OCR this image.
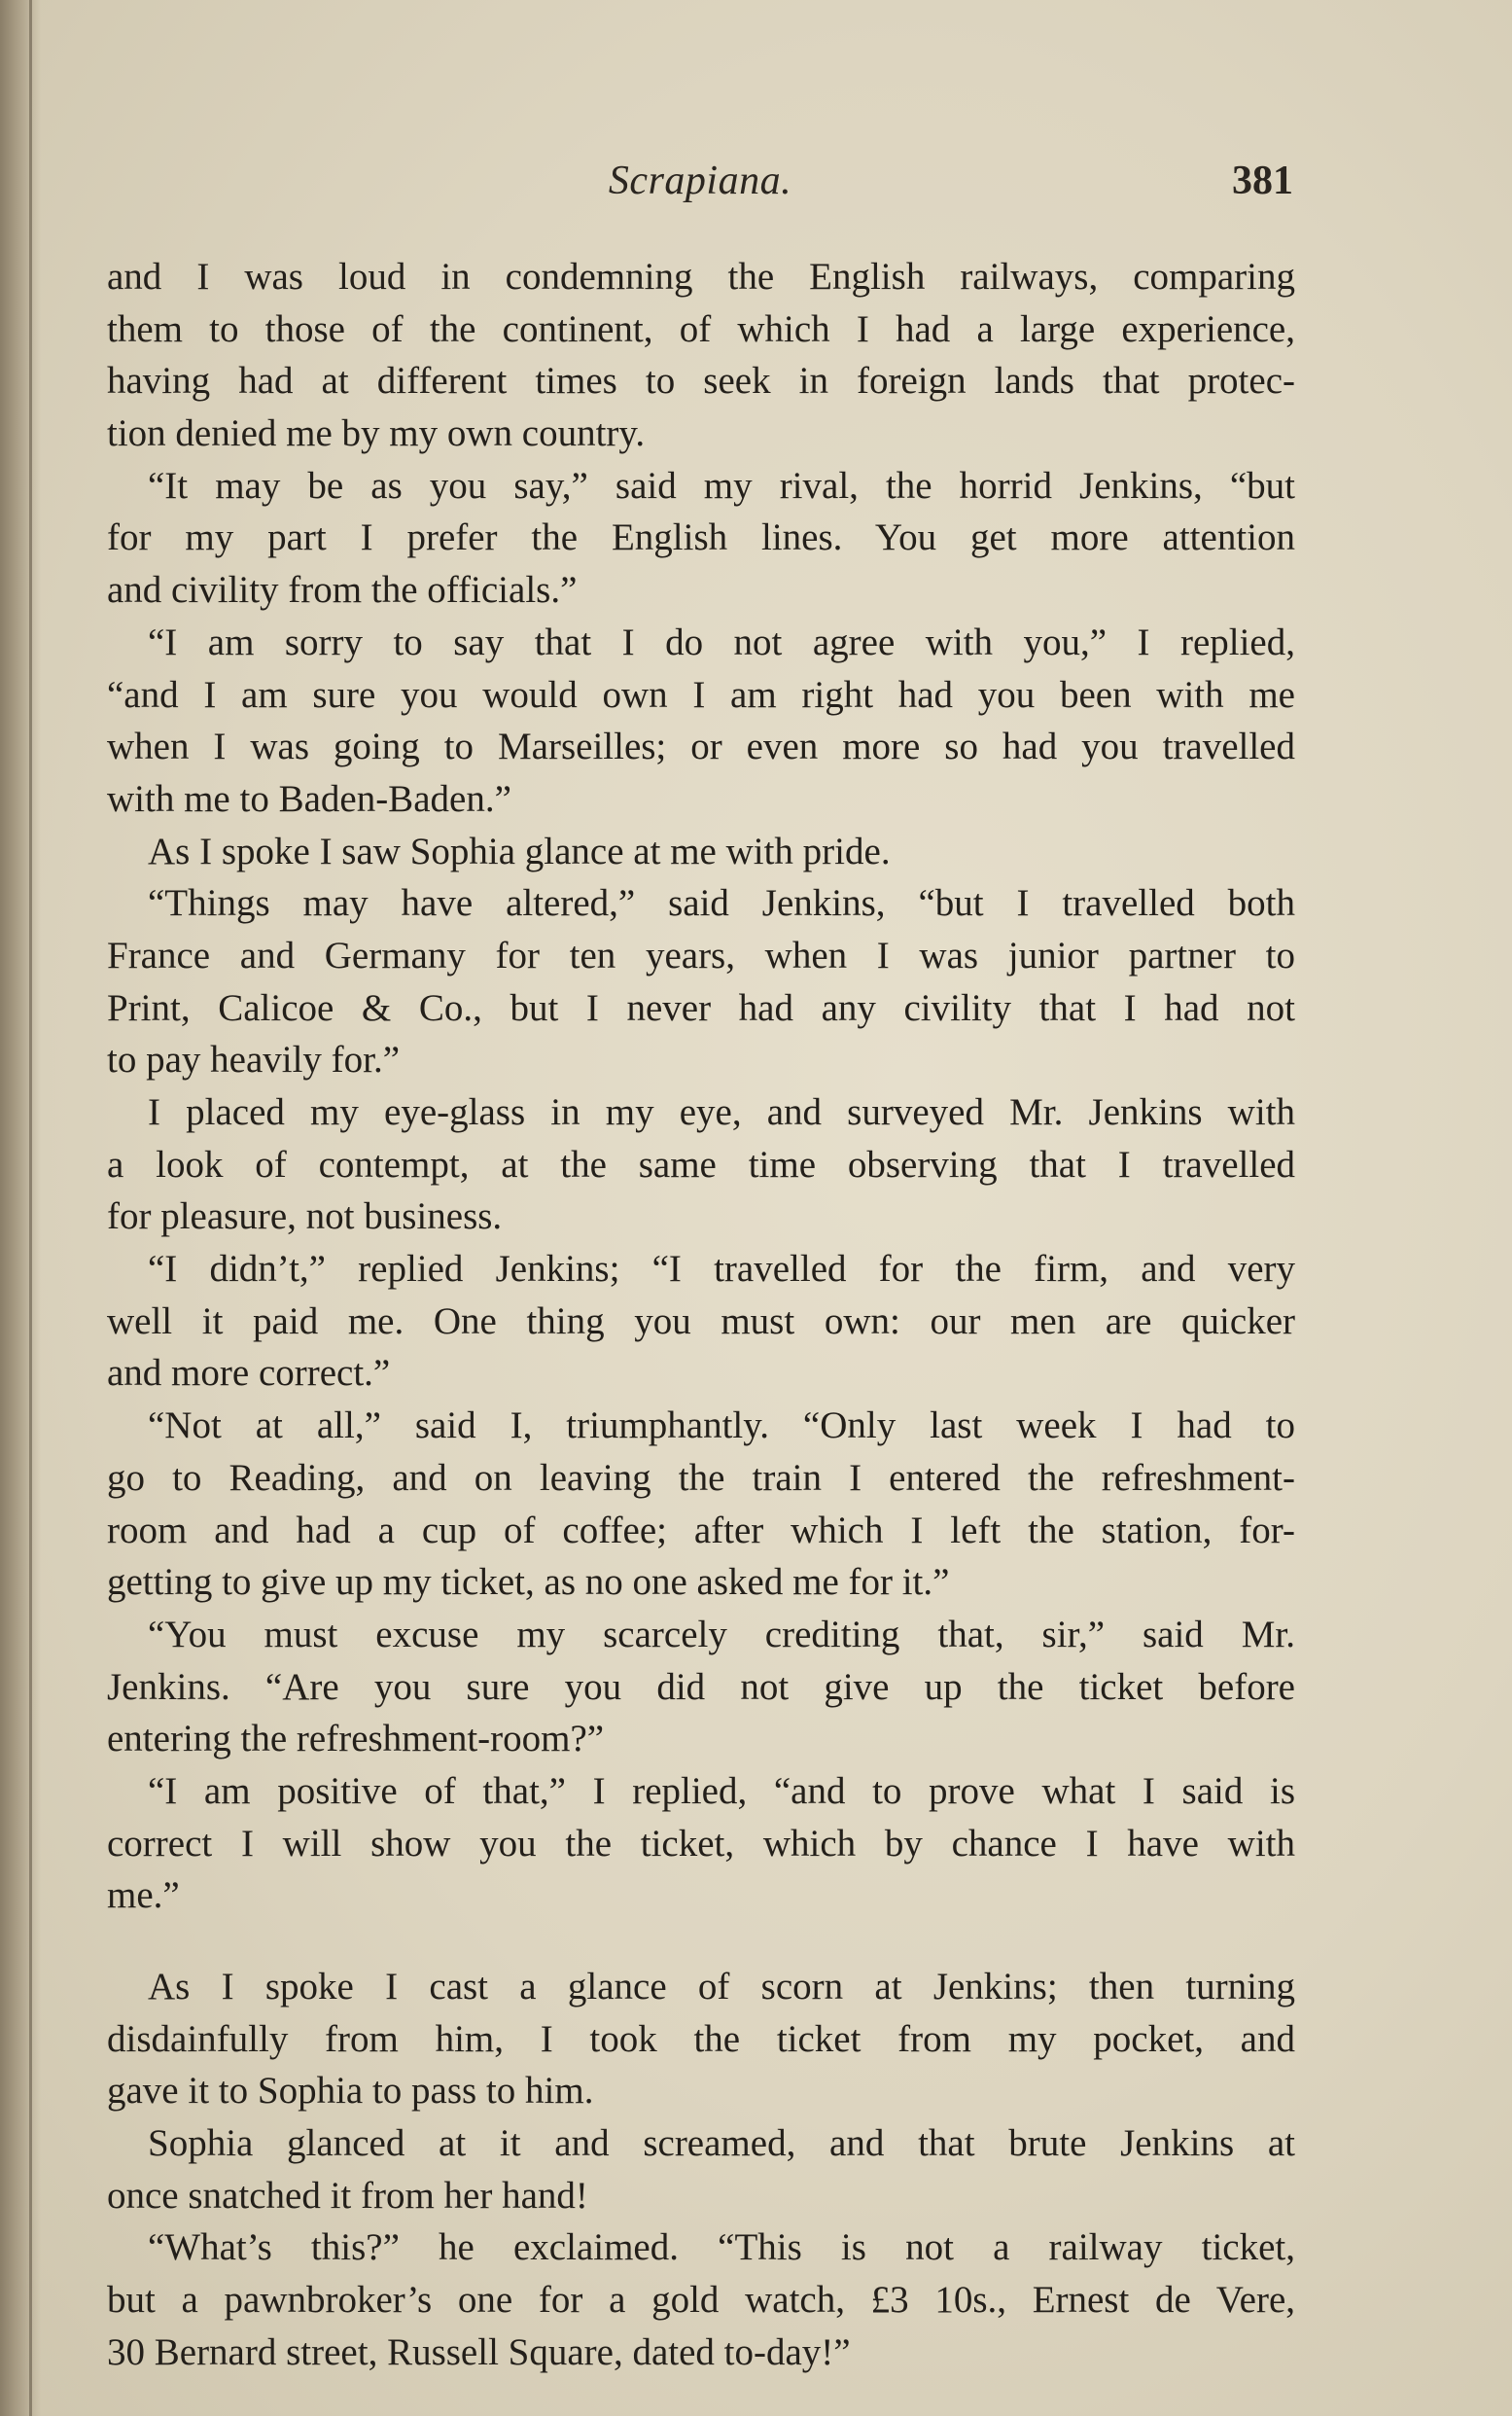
Scrapiana.	381
and I was loud in condemning the English railways, comparing
them to those of the continent, of which I had a large experience,
having had at different times to seek in foreign lands that protec-
tion denied me by my own country.
“It may be as you say,” said my rival, the horrid Jenkins, “but
for my part I prefer the English lines. You get more attention
and civility from the officials.”
“I am sorry to say that I do not agree with you,” I replied,
“and I am sure you would own I am right had you been with me
when I was going to Marseilles; or even more so had you travelled
with me to Baden-Baden.”
As I spoke I saw Sophia glance at me with pride.
“Things may have altered,” said Jenkins, “but I travelled both
France and Germany for ten years, when I was junior partner to
Print, Calicoe & Co., but I never had any civility that I had not
to pay heavily for.”
I placed my eye-glass in my eye, and surveyed Mr. Jenkins with
a look of contempt, at the same time observing that I travelled
for pleasure, not business.
“I didn’t,” replied Jenkins; “I travelled for the firm, and very
well it paid me. One thing you must own: our men are quicker
and more correct.”
“Not at all,” said I, triumphantly. “Only last week I had to
go to Reading, and on leaving the train I entered the refreshment-
room and had a cup of coffee; after which I left the station, for-
getting to give up my ticket, as no one asked me for it.”
“You must excuse my scarcely crediting that, sir,” said Mr.
Jenkins. “Are you sure you did not give up the ticket before
entering the refreshment-room?”
“I am positive of that,” I replied, “and to prove what I said is
correct I will show you the ticket, which by chance I have with
me.”
As I spoke I cast a glance of scorn at Jenkins; then turning
disdainfully from him, I took the ticket from my pocket, and
gave it to Sophia to pass to him.
Sophia glanced at it and screamed, and that brute Jenkins at
once snatched it from her hand!
“What’s this?” he exclaimed. “This is not a railway ticket,
but a pawnbroker’s one for a gold watch, £3 10s., Ernest de Vere,
30 Bernard street, Russell Square, dated to-day!”
